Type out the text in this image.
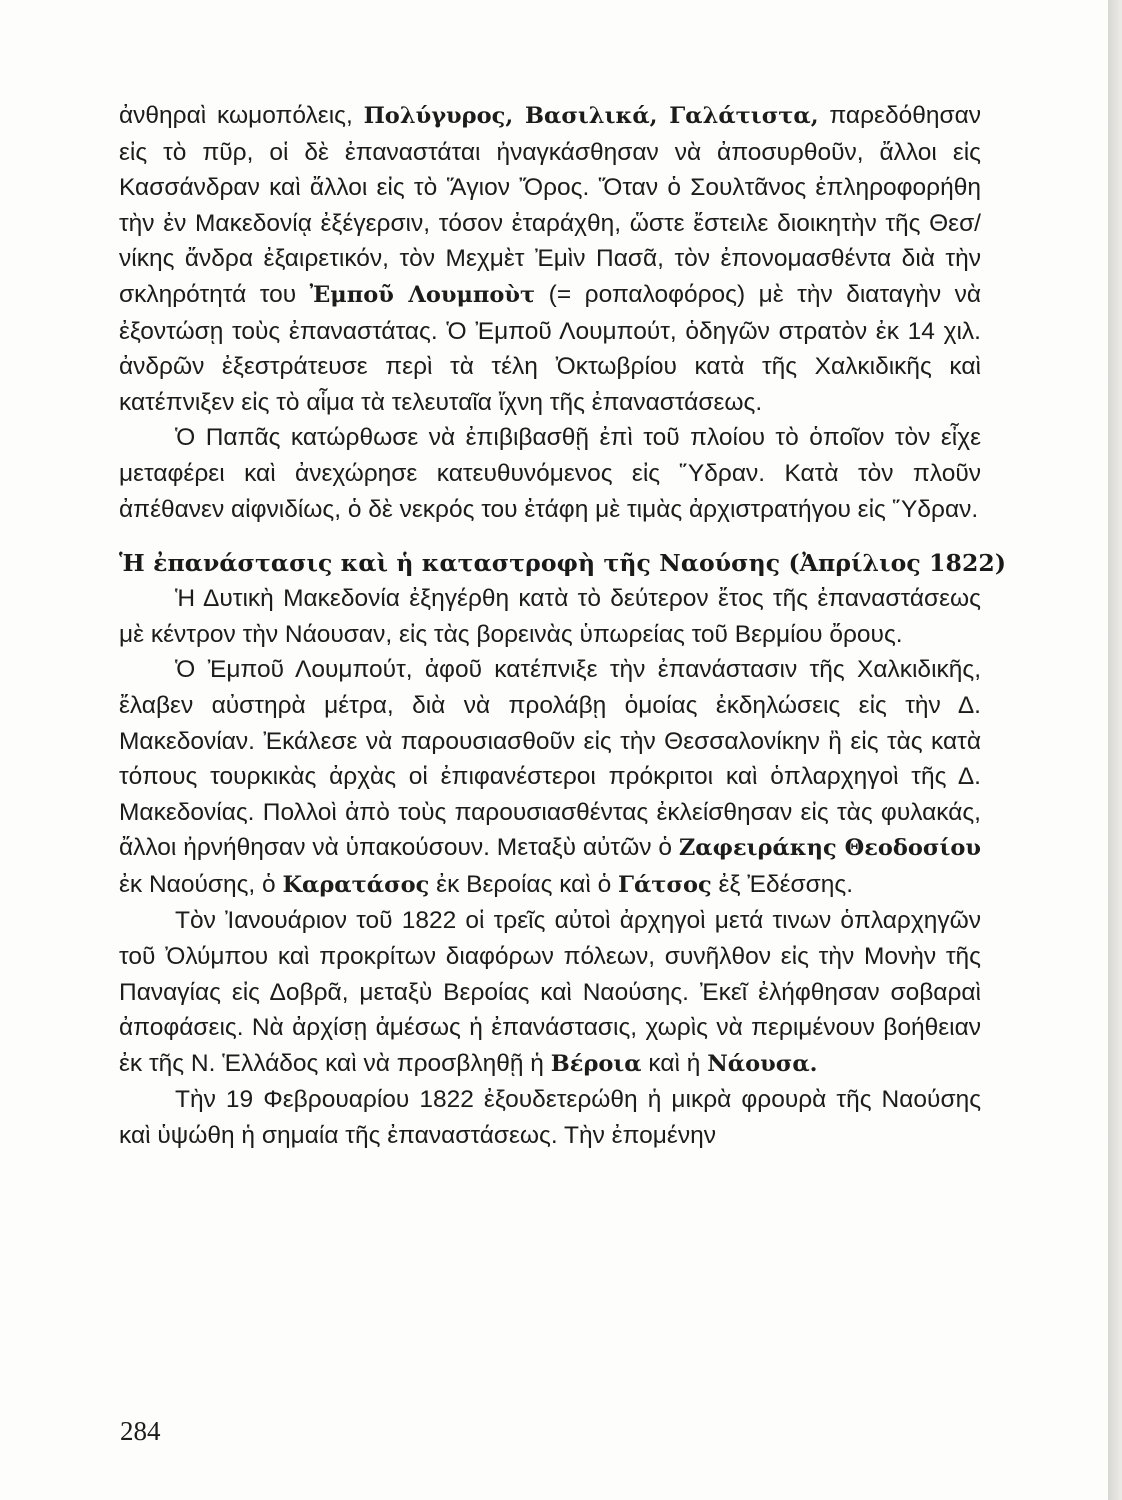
ἀνθηραὶ κωμοπόλεις, Πολύγυρος, Βασιλικά, Γαλάτιστα, παρεδόθησαν εἰς τὸ πῦρ, οἱ δὲ ἐπαναστάται ἠναγκάσθησαν νὰ ἀποσυρθοῦν, ἄλλοι εἰς Κασσάνδραν καὶ ἄλλοι εἰς τὸ Ἅγιον Ὄρος. Ὅταν ὁ Σουλτᾶνος ἐπληροφορήθη τὴν ἐν Μακεδονίᾳ ἐξέγερσιν, τόσον ἐταράχθη, ὥστε ἔστειλε διοικητὴν τῆς Θεσ/νίκης ἄνδρα ἐξαιρετικόν, τὸν Μεχμὲτ Ἐμὶν Πασᾶ, τὸν ἐπονομασθέντα διὰ τὴν σκληρότητά του Ἐμποῦ Λουμποὺτ (= ροπαλοφόρος) μὲ τὴν διαταγὴν νὰ ἐξοντώσῃ τοὺς ἐπαναστάτας. Ὁ Ἐμποῦ Λουμπούτ, ὁδηγῶν στρατὸν ἐκ 14 χιλ. ἀνδρῶν ἐξεστράτευσε περὶ τὰ τέλη Ὀκτωβρίου κατὰ τῆς Χαλκιδικῆς καὶ κατέπνιξεν εἰς τὸ αἷμα τὰ τελευταῖα ἴχνη τῆς ἐπαναστάσεως.

Ὁ Παπᾶς κατώρθωσε νὰ ἐπιβιβασθῇ ἐπὶ τοῦ πλοίου τὸ ὁποῖον τὸν εἶχε μεταφέρει καὶ ἀνεχώρησε κατευθυνόμενος εἰς Ὕδραν. Κατὰ τὸν πλοῦν ἀπέθανεν αἰφνιδίως, ὁ δὲ νεκρός του ἐτάφη μὲ τιμὰς ἀρχιστρατήγου εἰς Ὕδραν.

Ἡ ἐπανάστασις καὶ ἡ καταστροφὴ τῆς Ναούσης (Ἀπρίλιος 1822)

Ἡ Δυτικὴ Μακεδονία ἐξηγέρθη κατὰ τὸ δεύτερον ἔτος τῆς ἐπαναστάσεως μὲ κέντρον τὴν Νάουσαν, εἰς τὰς βορεινὰς ὑπωρείας τοῦ Βερμίου ὄρους.

Ὁ Ἐμποῦ Λουμπούτ, ἀφοῦ κατέπνιξε τὴν ἐπανάστασιν τῆς Χαλκιδικῆς, ἔλαβεν αὐστηρὰ μέτρα, διὰ νὰ προλάβῃ ὁμοίας ἐκδηλώσεις εἰς τὴν Δ. Μακεδονίαν. Ἐκάλεσε νὰ παρουσιασθοῦν εἰς τὴν Θεσσαλονίκην ἢ εἰς τὰς κατὰ τόπους τουρκικὰς ἀρχὰς οἱ ἐπιφανέστεροι πρόκριτοι καὶ ὁπλαρχηγοὶ τῆς Δ. Μακεδονίας. Πολλοὶ ἀπὸ τοὺς παρουσιασθέντας ἐκλείσθησαν εἰς τὰς φυλακάς, ἄλλοι ἠρνήθησαν νὰ ὑπακούσουν. Μεταξὺ αὐτῶν ὁ Ζαφειράκης Θεοδοσίου ἐκ Ναούσης, ὁ Καρατάσος ἐκ Βεροίας καὶ ὁ Γάτσος ἐξ Ἐδέσσης.

Τὸν Ἰανουάριον τοῦ 1822 οἱ τρεῖς αὐτοὶ ἀρχηγοὶ μετά τινων ὁπλαρχηγῶν τοῦ Ὀλύμπου καὶ προκρίτων διαφόρων πόλεων, συνῆλθον εἰς τὴν Μονὴν τῆς Παναγίας εἰς Δοβρᾶ, μεταξὺ Βεροίας καὶ Ναούσης. Ἐκεῖ ἐλήφθησαν σοβαραὶ ἀποφάσεις. Νὰ ἀρχίσῃ ἀμέσως ἡ ἐπανάστασις, χωρὶς νὰ περιμένουν βοήθειαν ἐκ τῆς Ν. Ἑλλάδος καὶ νὰ προσβληθῇ ἡ Βέροια καὶ ἡ Νάουσα.

Τὴν 19 Φεβρουαρίου 1822 ἐξουδετερώθη ἡ μικρὰ φρουρὰ τῆς Ναούσης καὶ ὑψώθη ἡ σημαία τῆς ἐπαναστάσεως. Τὴν ἐπομένην

284
